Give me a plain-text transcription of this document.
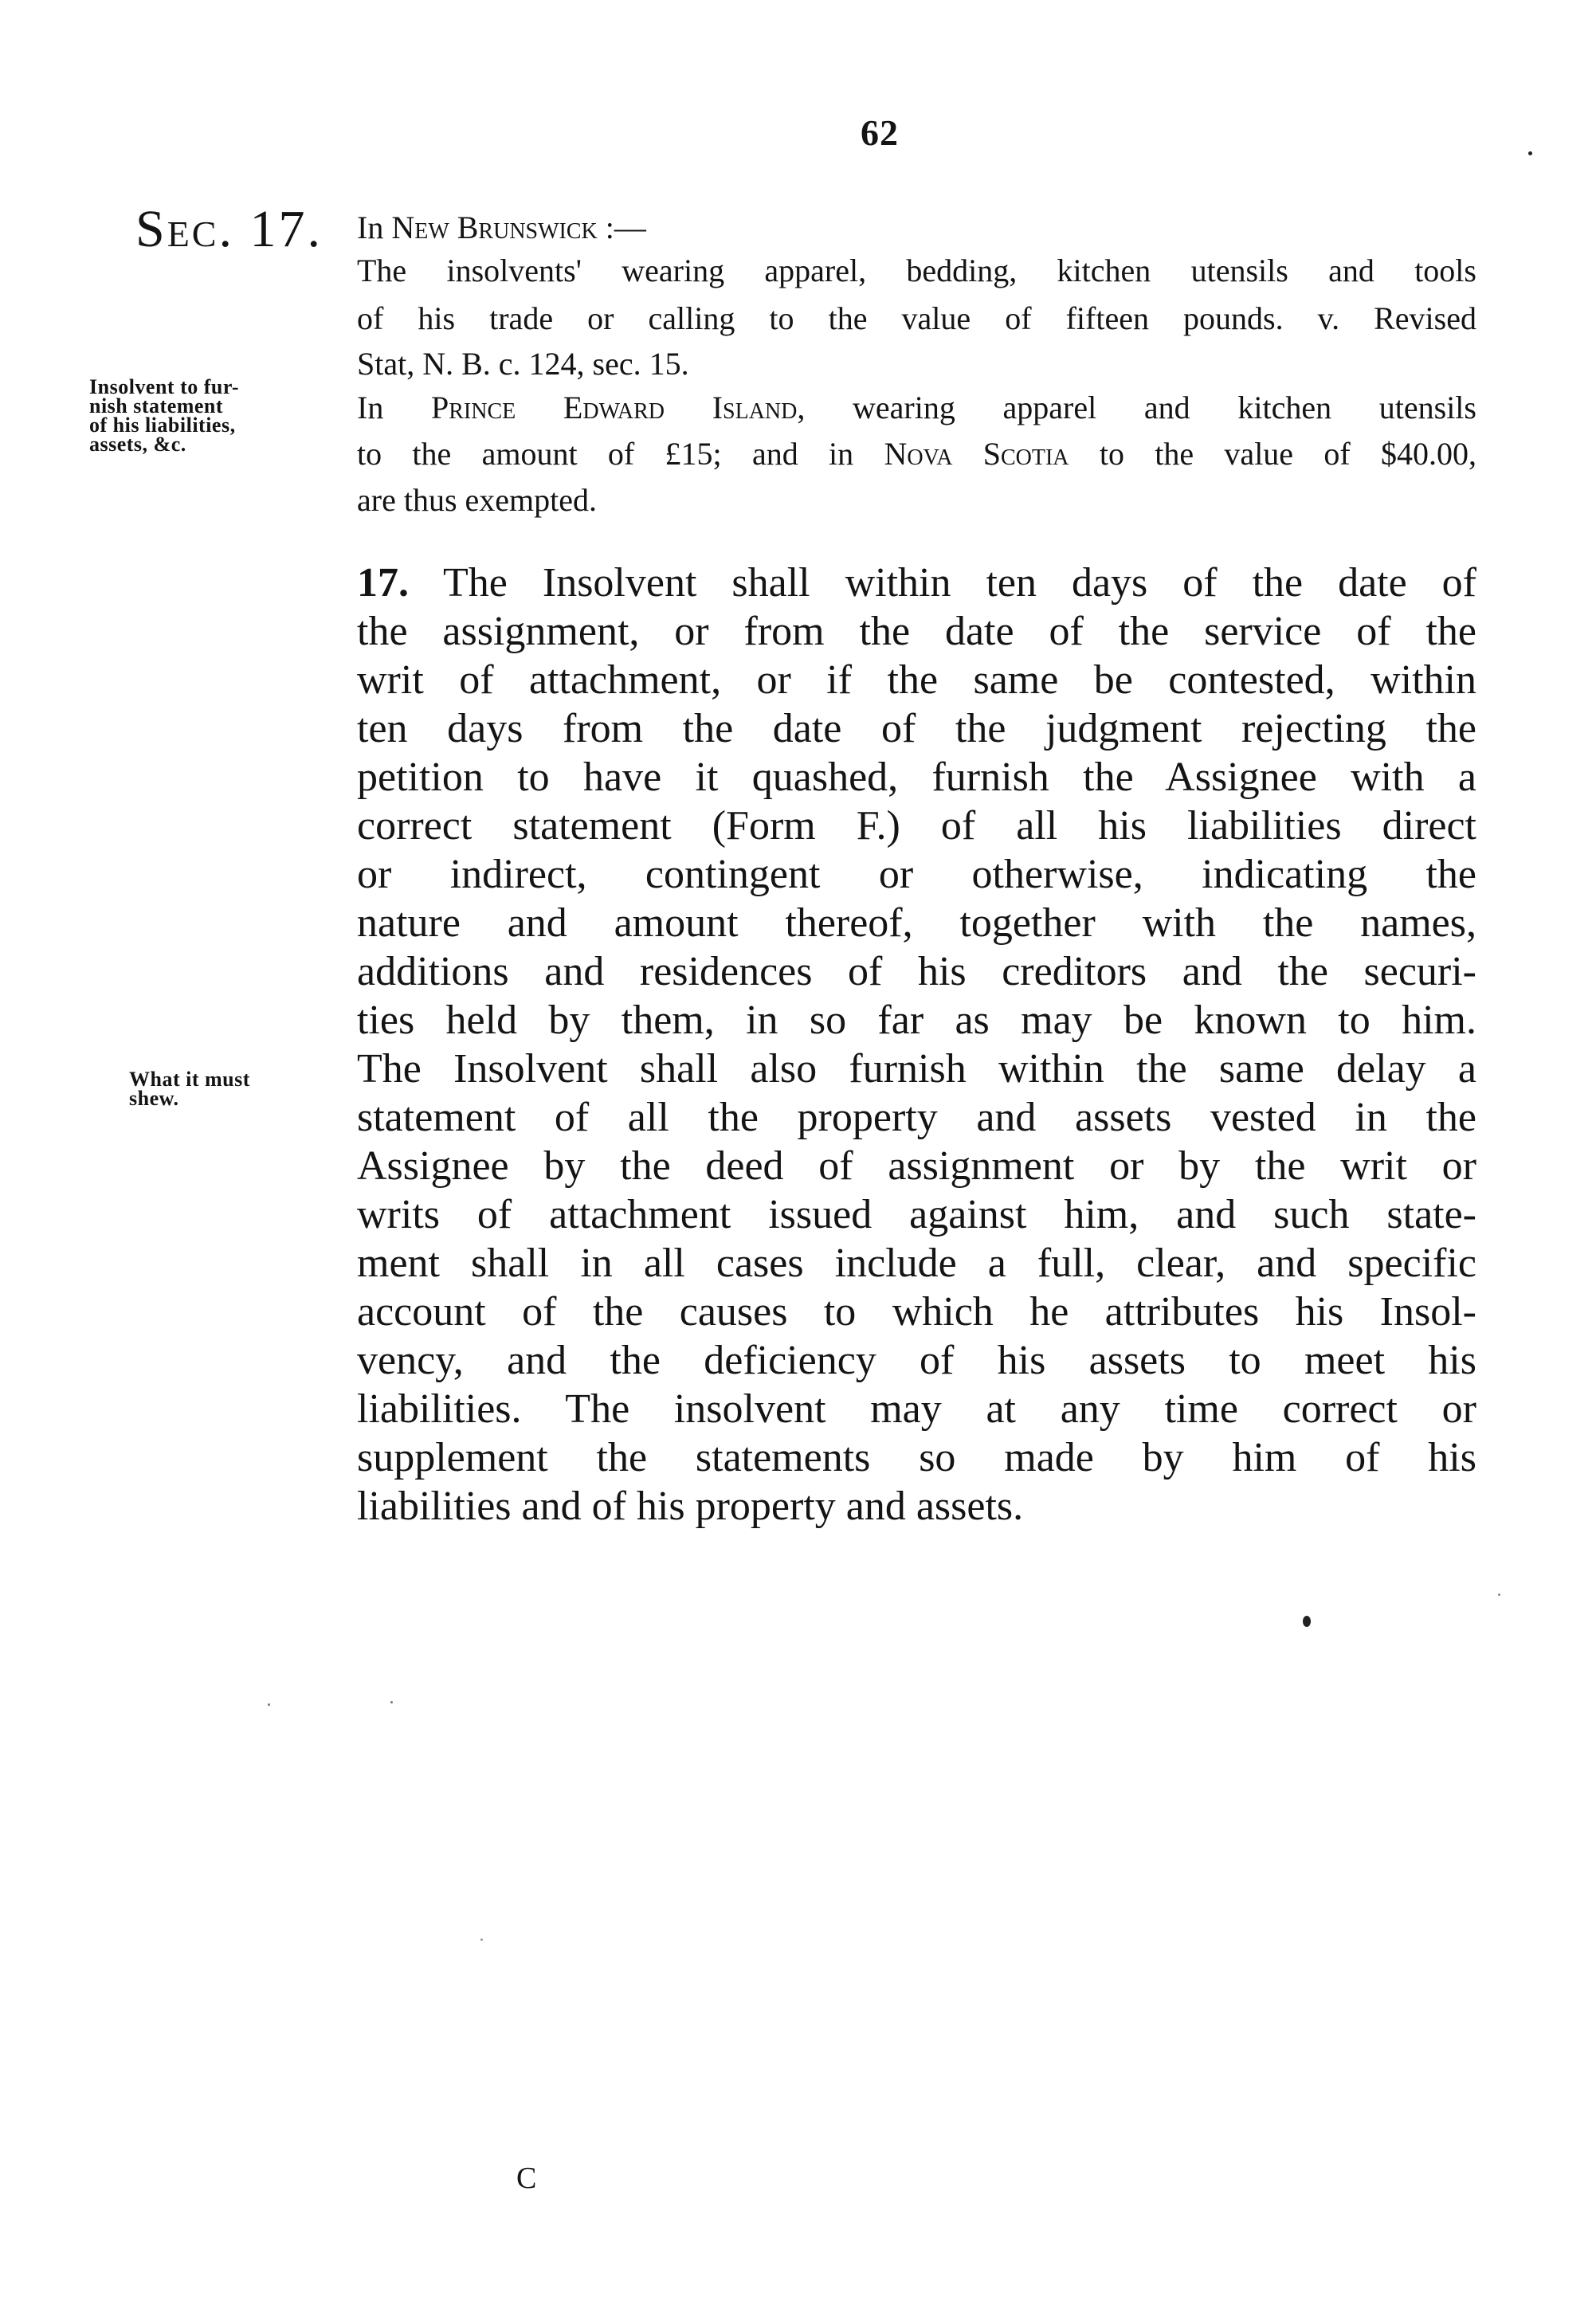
62
Sec. 17. In New Brunswick :—
The insolvents' wearing apparel, bedding, kitchen utensils and tools
of his trade or calling to the value of fifteen pounds. v. Revised
Stat, N. B. c. 124, sec. 15.
In Prince Edward Island, wearing apparel and kitchen utensils
to the amount of £15; and in Nova Scotia to the value of $40.00,
are thus exempted.
Insolvent to fur-
nish statement
of his liabilities,
assets, &c.
What it must
shew.
17. The Insolvent shall within ten days of the date of
the assignment, or from the date of the service of the
writ of attachment, or if the same be contested, within
ten days from the date of the judgment rejecting the
petition to have it quashed, furnish the Assignee with a
correct statement (Form F.) of all his liabilities direct
or indirect, contingent or otherwise, indicating the
nature and amount thereof, together with the names,
additions and residences of his creditors and the securi-
ties held by them, in so far as may be known to him.
The Insolvent shall also furnish within the same delay a
statement of all the property and assets vested in the
Assignee by the deed of assignment or by the writ or
writs of attachment issued against him, and such state-
ment shall in all cases include a full, clear, and specific
account of the causes to which he attributes his Insol-
vency, and the deficiency of his assets to meet his
liabilities. The insolvent may at any time correct or
supplement the statements so made by him of his
liabilities and of his property and assets.
C
